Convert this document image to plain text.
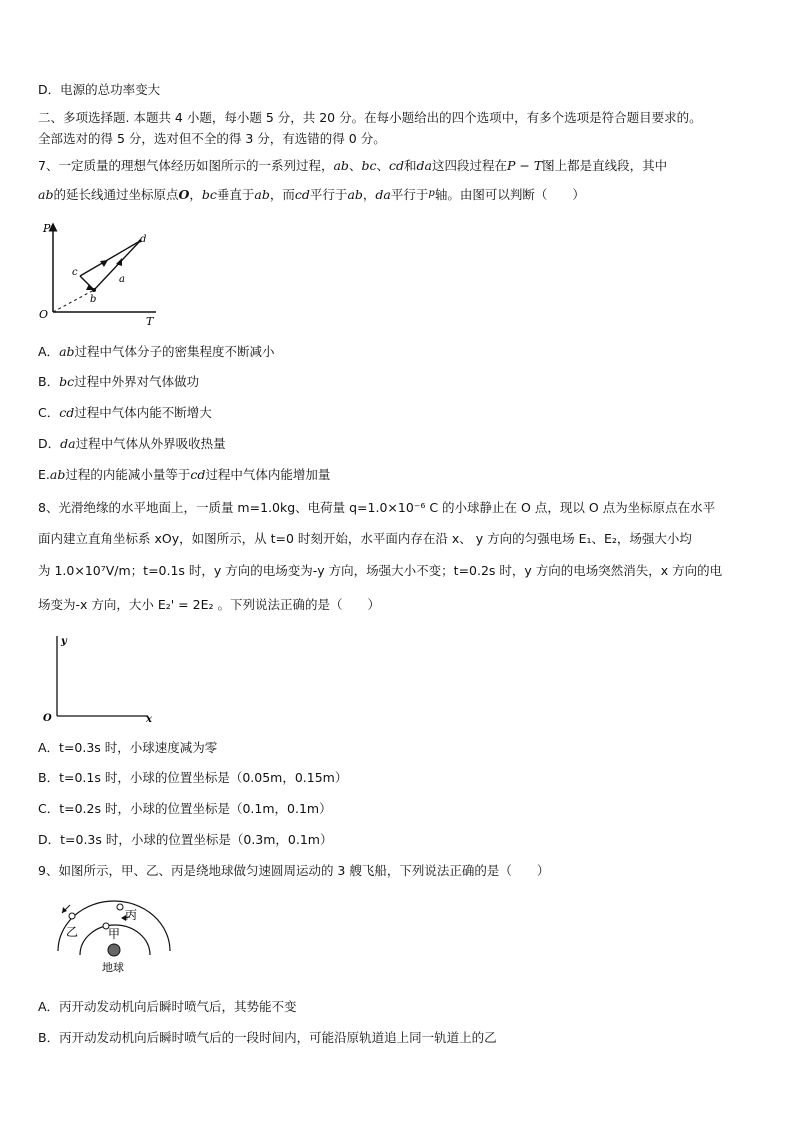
D．电源的总功率变大
二、多项选择题. 本题共 4 小题，每小题 5 分，共 20 分。在每小题给出的四个选项中，有多个选项是符合题目要求的。
全部选对的得 5 分，选对但不全的得 3 分，有选错的得 0 分。
7、一定质量的理想气体经历如图所示的一系列过程，ab、bc、cd和da这四段过程在P − T图上都是直线段，其中
ab的延长线通过坐标原点O，bc垂直于ab，而cd平行于ab，da平行于$^p$轴。由图可以判断（　　）
P
T
O
a
b
c
d
A．ab过程中气体分子的密集程度不断减小
B．bc过程中外界对气体做功
C．cd过程中气体内能不断增大
D．da过程中气体从外界吸收热量
E.ab过程的内能减小量等于cd过程中气体内能增加量
8、光滑绝缘的水平地面上，一质量 m=1.0kg、电荷量 q=1.0×10⁻⁶ C 的小球静止在 O 点，现以 O 点为坐标原点在水平
面内建立直角坐标系 xOy，如图所示，从 t=0 时刻开始，水平面内存在沿 x、 y 方向的匀强电场 E₁、E₂，场强大小均
为 1.0×10⁷V/m；t=0.1s 时，y 方向的电场变为-y 方向，场强大小不变；t=0.2s 时，y 方向的电场突然消失，x 方向的电
场变为-x 方向，大小 E₂' = 2E₂ 。下列说法正确的是（　　）
y
O	x
A．t=0.3s 时，小球速度减为零
B．t=0.1s 时，小球的位置坐标是（0.05m，0.15m）
C．t=0.2s 时，小球的位置坐标是（0.1m，0.1m）
D．t=0.3s 时，小球的位置坐标是（0.3m，0.1m）
9、如图所示，甲、乙、丙是绕地球做匀速圆周运动的 3 艘飞船，下列说法正确的是（　　）
乙 甲
丙
地球
A．丙开动发动机向后瞬时喷气后，其势能不变
B．丙开动发动机向后瞬时喷气后的一段时间内，可能沿原轨道追上同一轨道上的乙
